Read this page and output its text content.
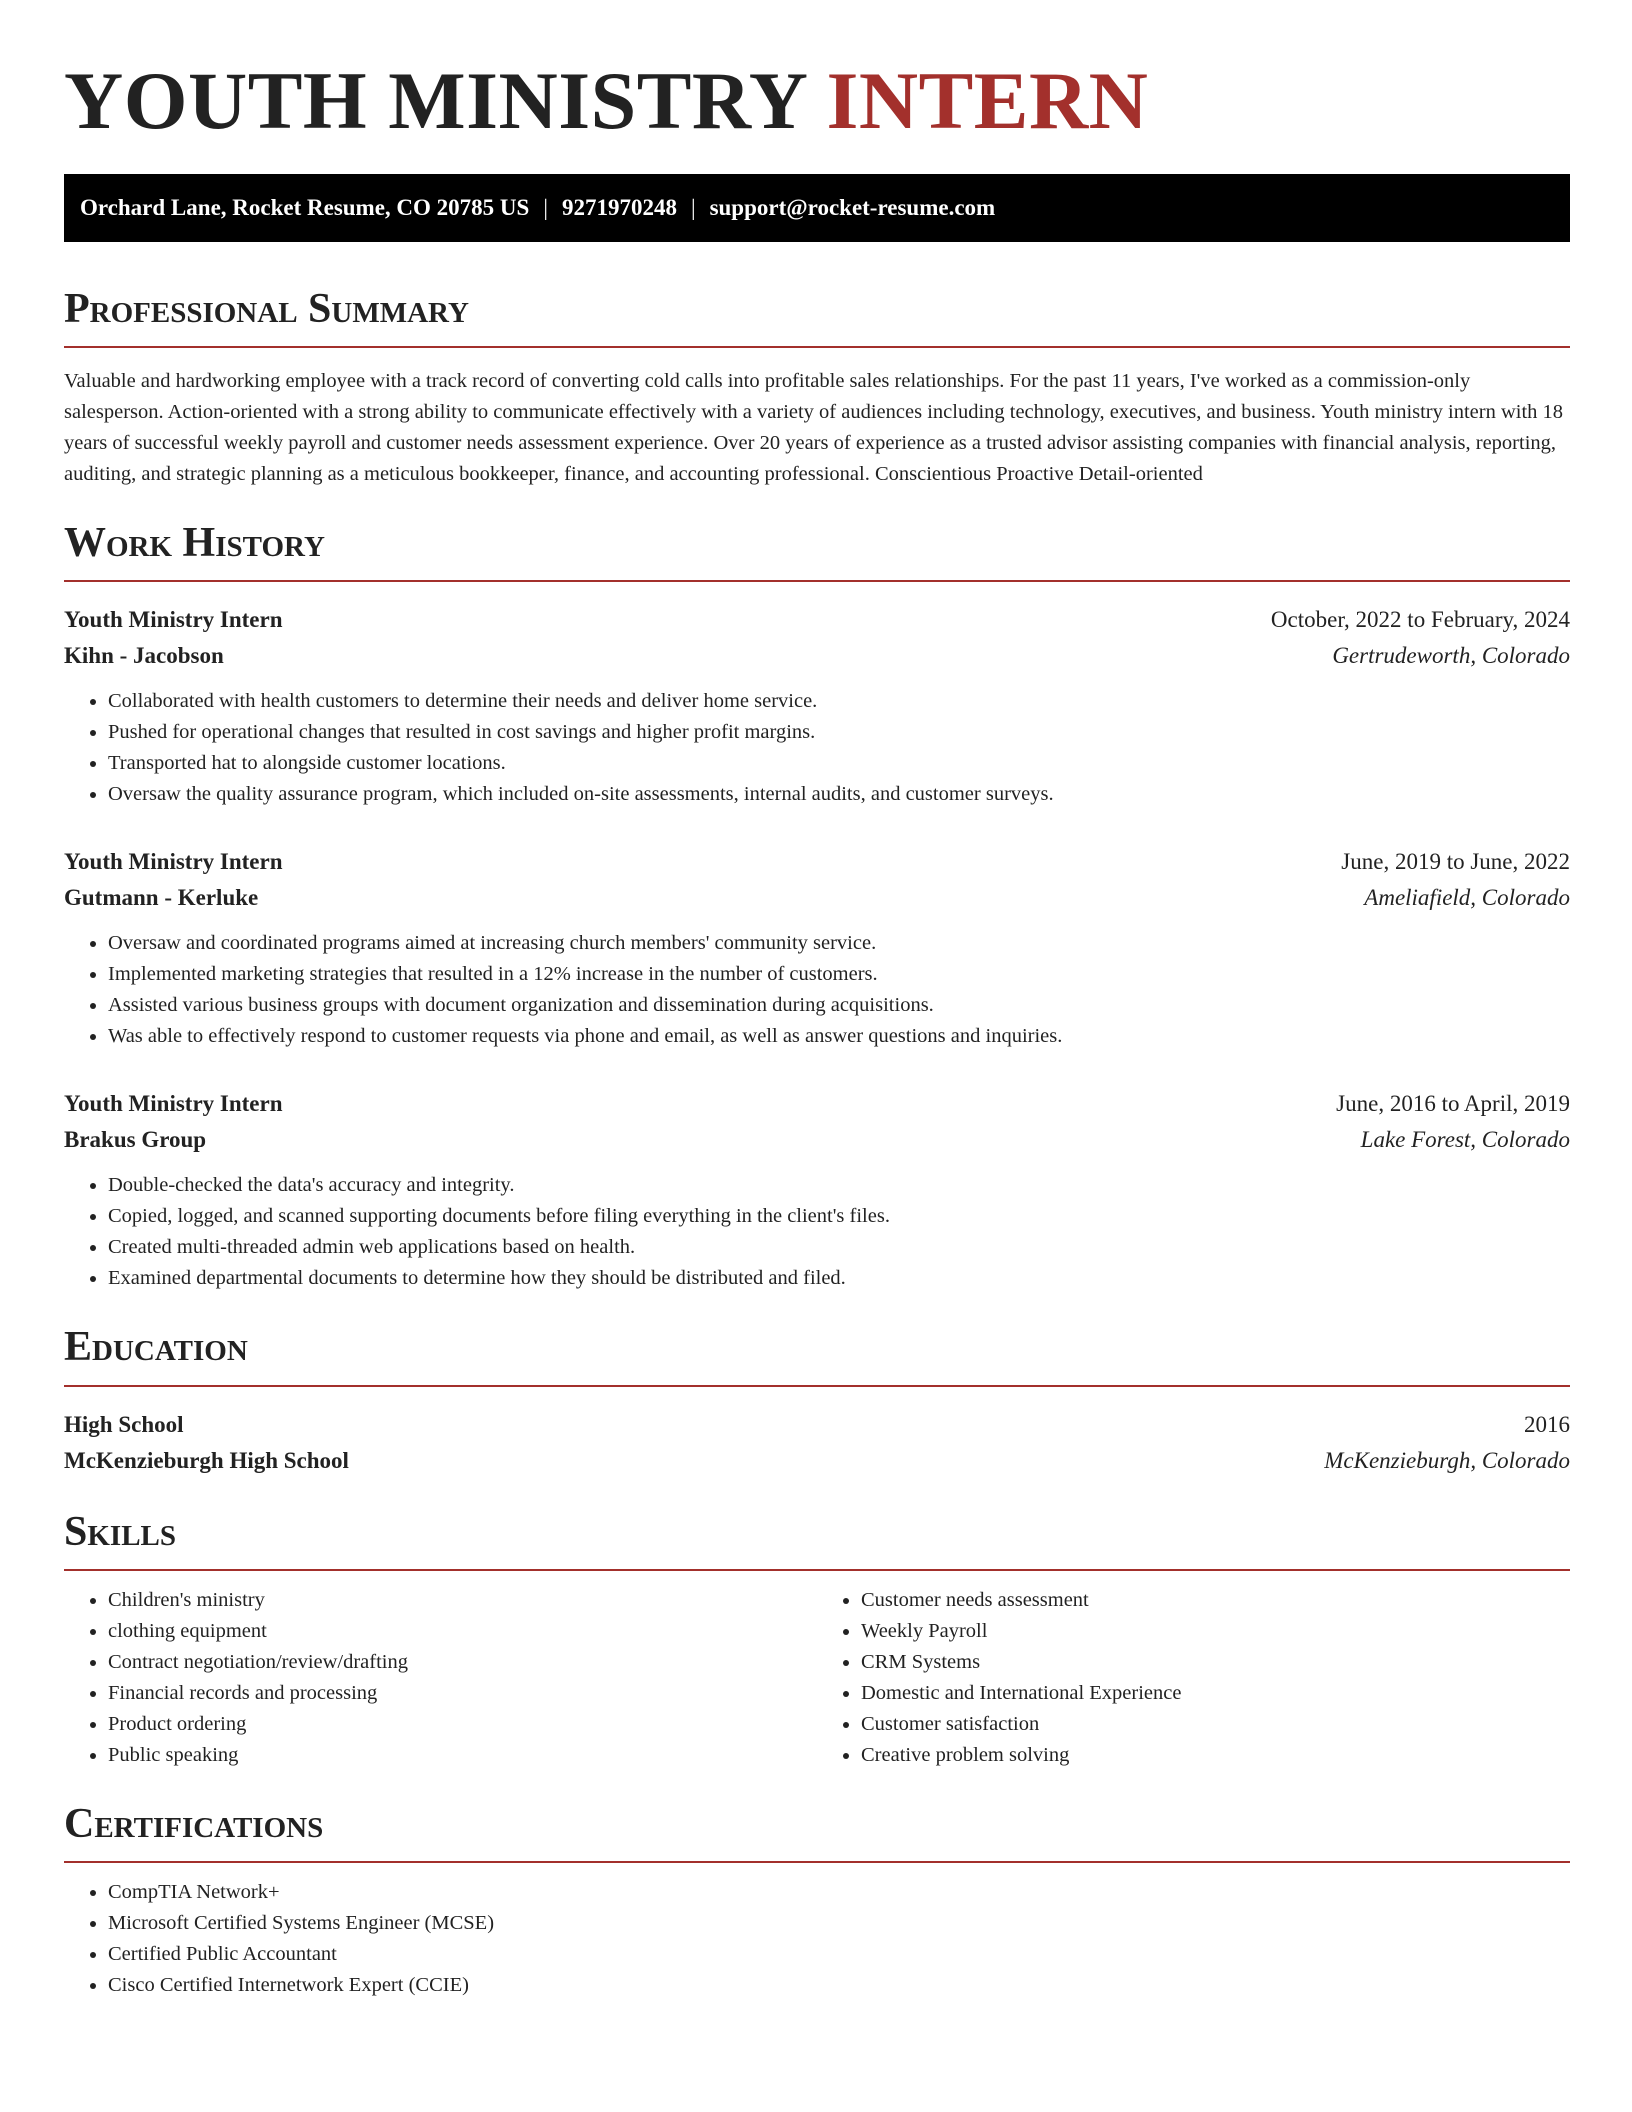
YOUTH MINISTRY INTERN
Orchard Lane, Rocket Resume, CO 20785 US | 9271970248 | support@rocket-resume.com
Professional Summary

Valuable and hardworking employee with a track record of converting cold calls into profitable sales relationships. For the past 11 years, I've worked as a commission-only salesperson. Action-oriented with a strong ability to communicate effectively with a variety of audiences including technology, executives, and business. Youth ministry intern with 18 years of successful weekly payroll and customer needs assessment experience. Over 20 years of experience as a trusted advisor assisting companies with financial analysis, reporting, auditing, and strategic planning as a meticulous bookkeeper, finance, and accounting professional. Conscientious Proactive Detail-oriented

Work History
Youth Ministry Intern	October, 2022 to February, 2024
Kihn - Jacobson	Gertrudeworth, Colorado
• Collaborated with health customers to determine their needs and deliver home service.
• Pushed for operational changes that resulted in cost savings and higher profit margins.
• Transported hat to alongside customer locations.
• Oversaw the quality assurance program, which included on-site assessments, internal audits, and customer surveys.
Youth Ministry Intern	June, 2019 to June, 2022
Gutmann - Kerluke	Ameliafield, Colorado
• Oversaw and coordinated programs aimed at increasing church members' community service.
• Implemented marketing strategies that resulted in a 12% increase in the number of customers.
• Assisted various business groups with document organization and dissemination during acquisitions.
• Was able to effectively respond to customer requests via phone and email, as well as answer questions and inquiries.
Youth Ministry Intern	June, 2016 to April, 2019
Brakus Group	Lake Forest, Colorado
• Double-checked the data's accuracy and integrity.
• Copied, logged, and scanned supporting documents before filing everything in the client's files.
• Created multi-threaded admin web applications based on health.
• Examined departmental documents to determine how they should be distributed and filed.
Education
High School	2016
McKenzieburgh High School	McKenzieburgh, Colorado
Skills
• Children's ministry
• clothing equipment
• Contract negotiation/review/drafting
• Financial records and processing
• Product ordering
• Public speaking
• Customer needs assessment
• Weekly Payroll
• CRM Systems
• Domestic and International Experience
• Customer satisfaction
• Creative problem solving
Certifications
• CompTIA Network+
• Microsoft Certified Systems Engineer (MCSE)
• Certified Public Accountant
• Cisco Certified Internetwork Expert (CCIE)
